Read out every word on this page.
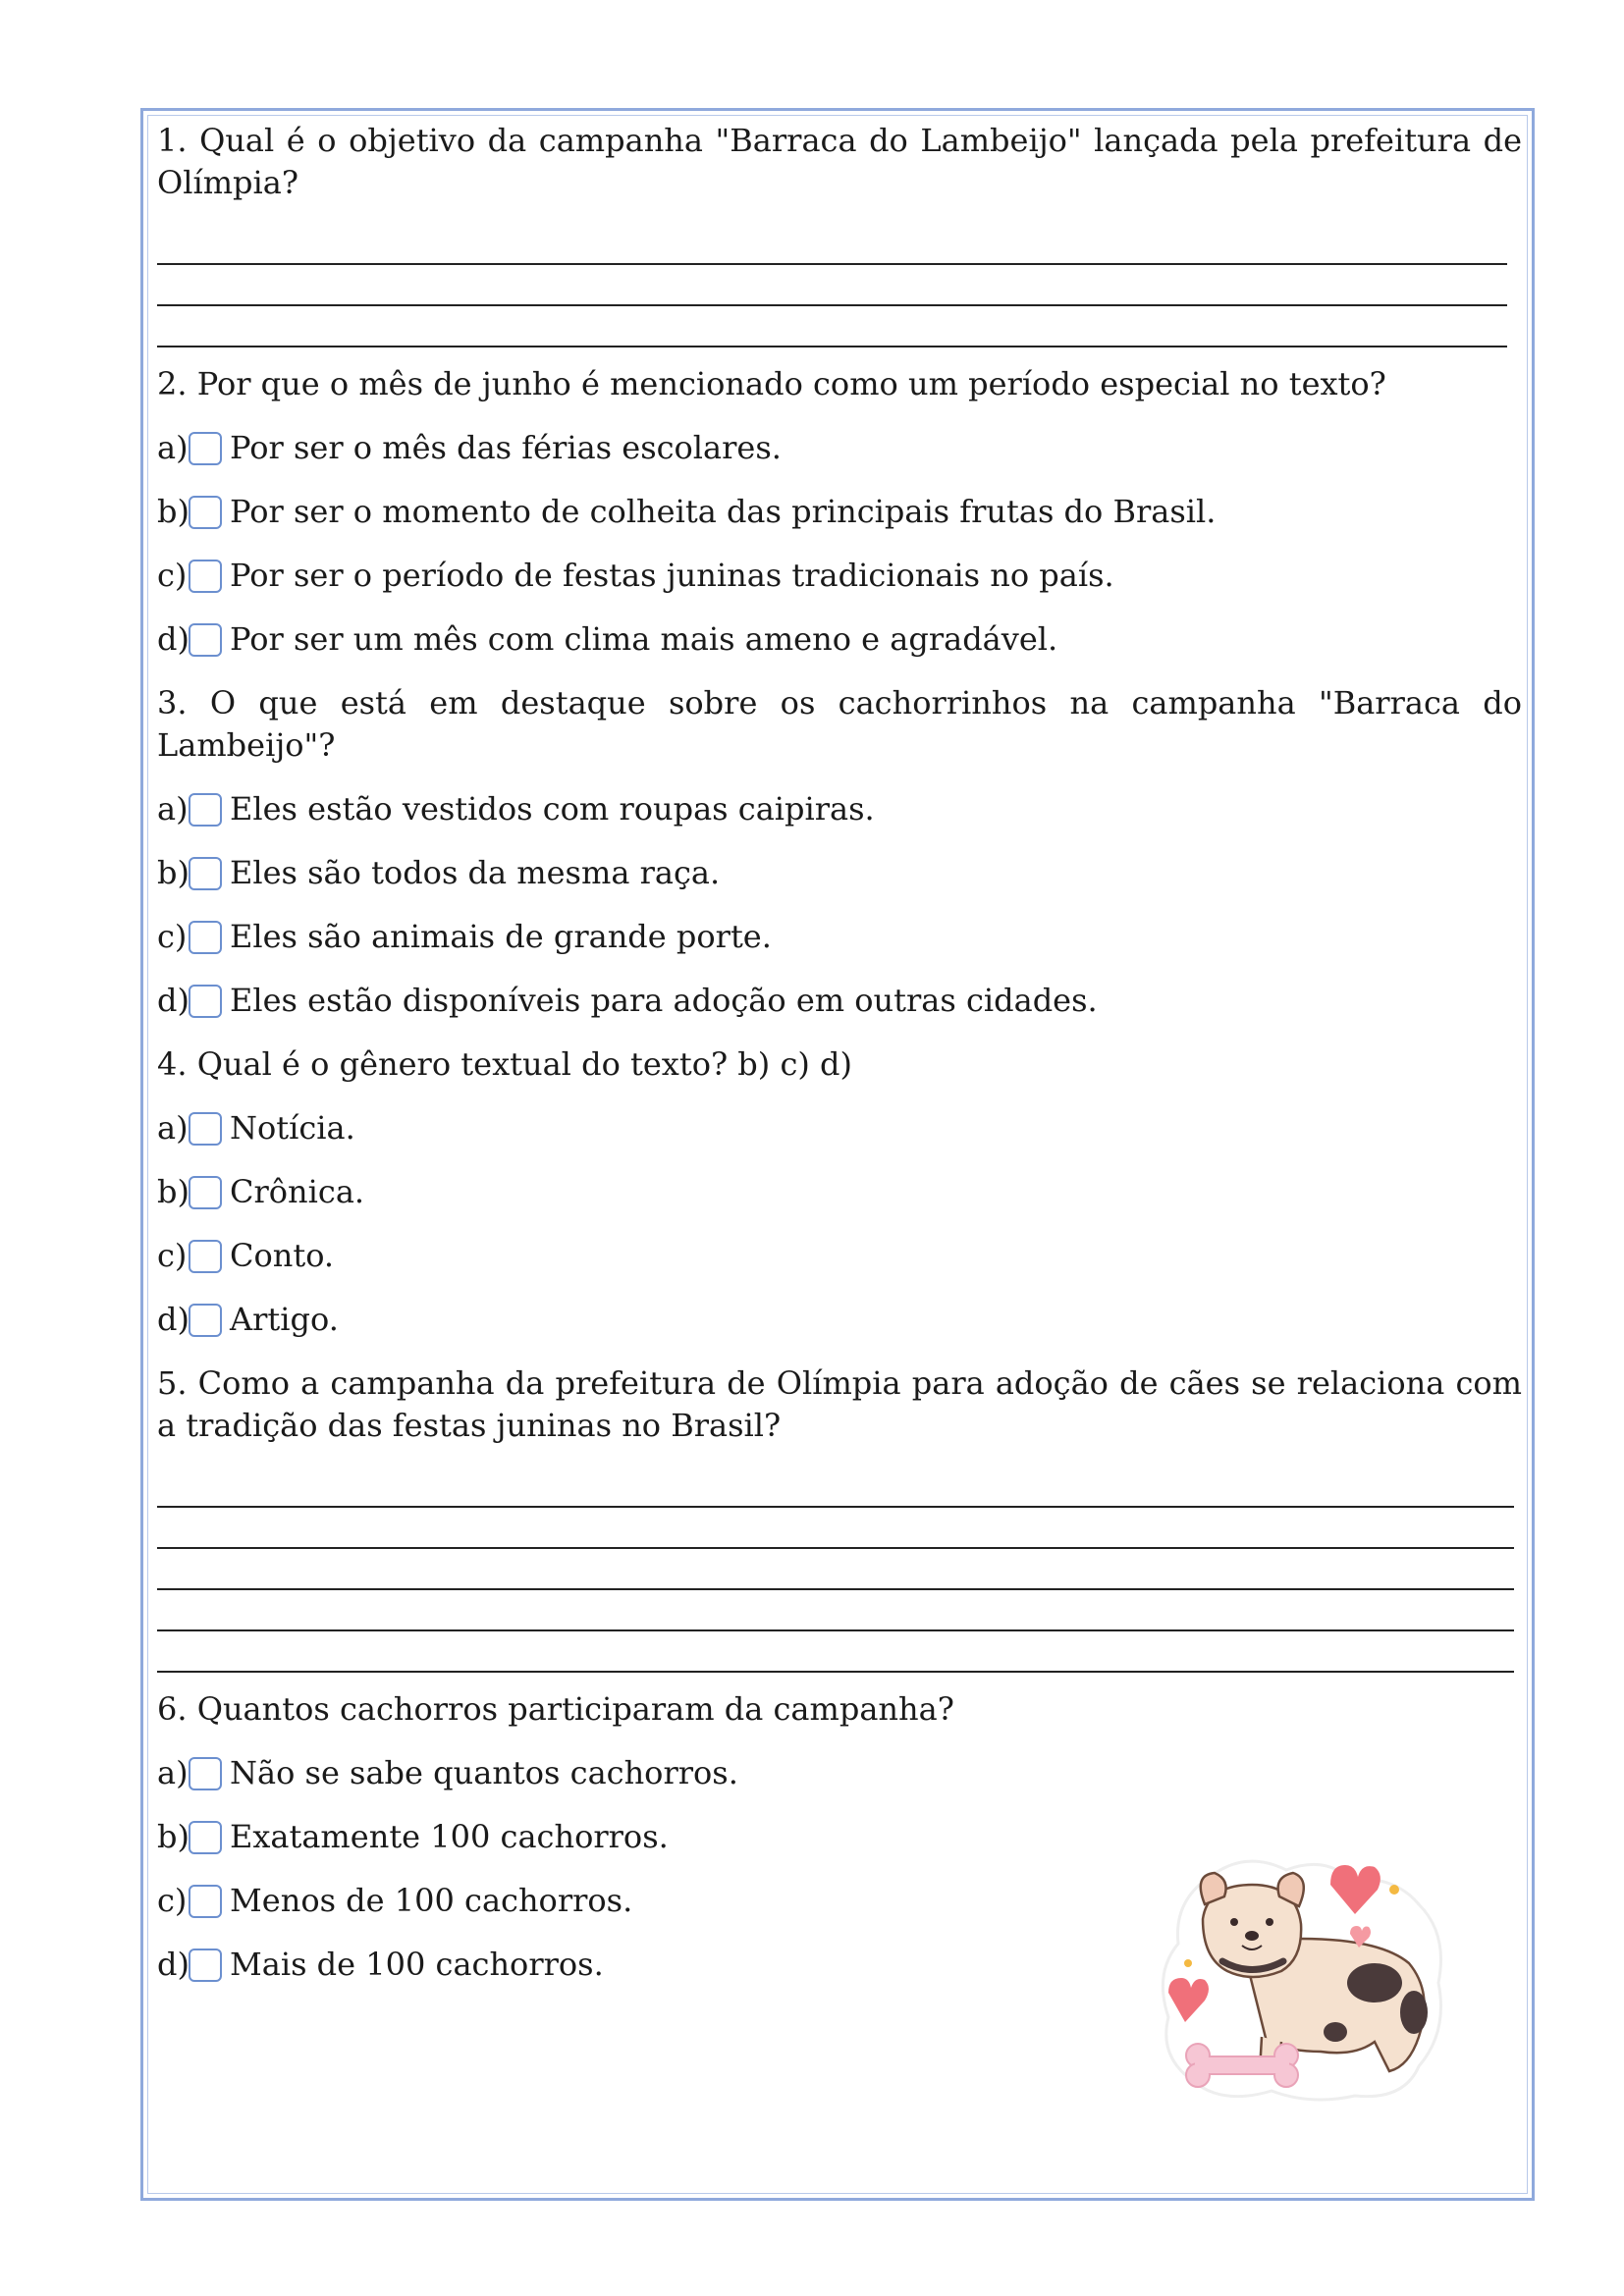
1. Qual é o objetivo da campanha "Barraca do Lambeijo" lançada pela prefeitura de Olímpia?

2. Por que o mês de junho é mencionado como um período especial no texto?

a) Por ser o mês das férias escolares.
b) Por ser o momento de colheita das principais frutas do Brasil.
c) Por ser o período de festas juninas tradicionais no país.
d) Por ser um mês com clima mais ameno e agradável.

3. O que está em destaque sobre os cachorrinhos na campanha "Barraca do Lambeijo"?

a) Eles estão vestidos com roupas caipiras.
b) Eles são todos da mesma raça.
c) Eles são animais de grande porte.
d) Eles estão disponíveis para adoção em outras cidades.

4. Qual é o gênero textual do texto? b) c) d)

a) Notícia.
b) Crônica.
c) Conto.
d) Artigo.

5. Como a campanha da prefeitura de Olímpia para adoção de cães se relaciona com a tradição das festas juninas no Brasil?

6. Quantos cachorros participaram da campanha?

a) Não se sabe quantos cachorros.
b) Exatamente 100 cachorros.
c) Menos de 100 cachorros.
d) Mais de 100 cachorros.
